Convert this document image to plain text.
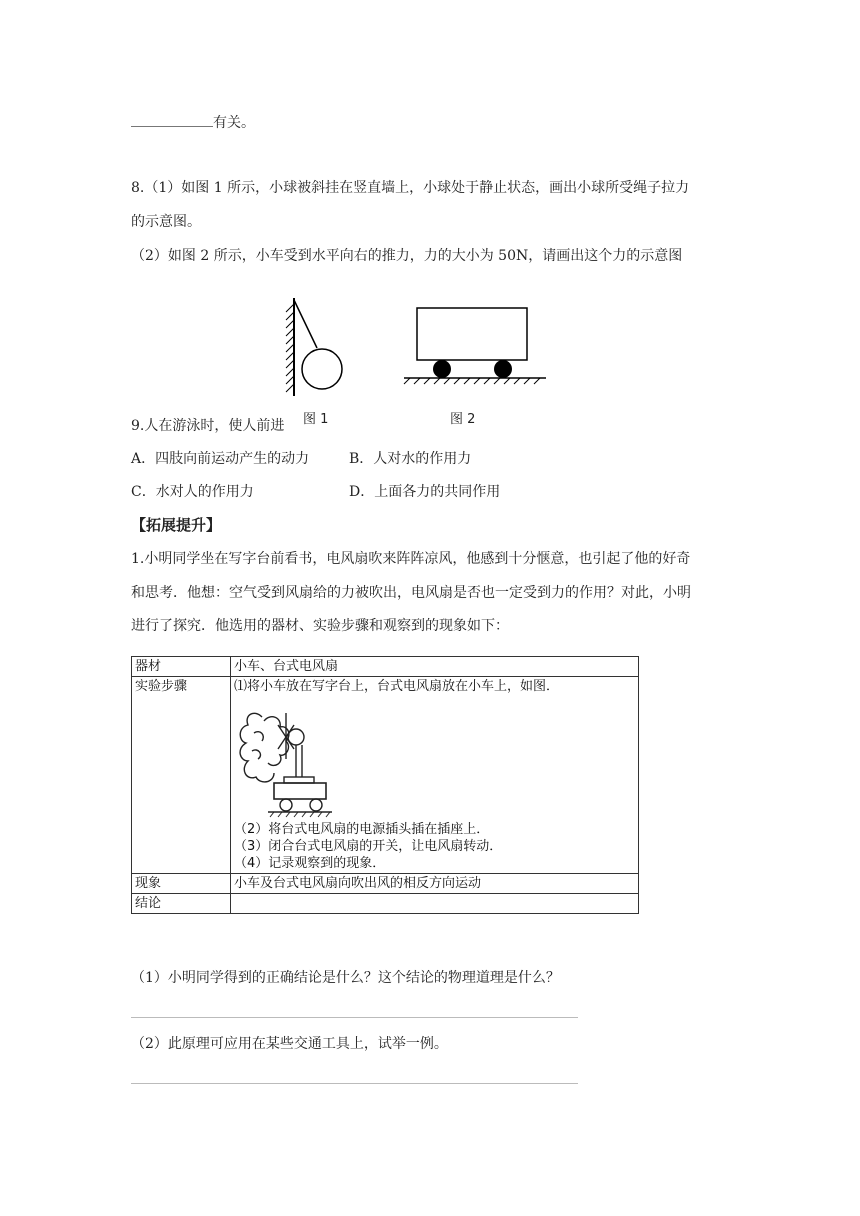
有关。
8.（1）如图 1 所示，小球被斜挂在竖直墙上，小球处于静止状态，画出小球所受绳子拉力
的示意图。
（2）如图 2 所示，小车受到水平向右的推力，力的大小为 50N，请画出这个力的示意图
图 1	图 2
9.人在游泳时，使人前进
A．四肢向前运动产生的动力	B．人对水的作用力
C．水对人的作用力	D．上面各力的共同作用
【拓展提升】
1.小明同学坐在写字台前看书，电风扇吹来阵阵凉风，他感到十分惬意，也引起了他的好奇
和思考．他想：空气受到风扇给的力被吹出，电风扇是否也一定受到力的作用？对此，小明
进行了探究．他选用的器材、实验步骤和观察到的现象如下：
器材	小车、台式电风扇
实验步骤	⑴将小车放在写字台上，台式电风扇放在小车上，如图．
（2）将台式电风扇的电源插头插在插座上．
（3）闭合台式电风扇的开关，让电风扇转动．
（4）记录观察到的现象．

现象	小车及台式电风扇向吹出风的相反方向运动
结论	
（1）小明同学得到的正确结论是什么？这个结论的物理道理是什么？
（2）此原理可应用在某些交通工具上，试举一例。
